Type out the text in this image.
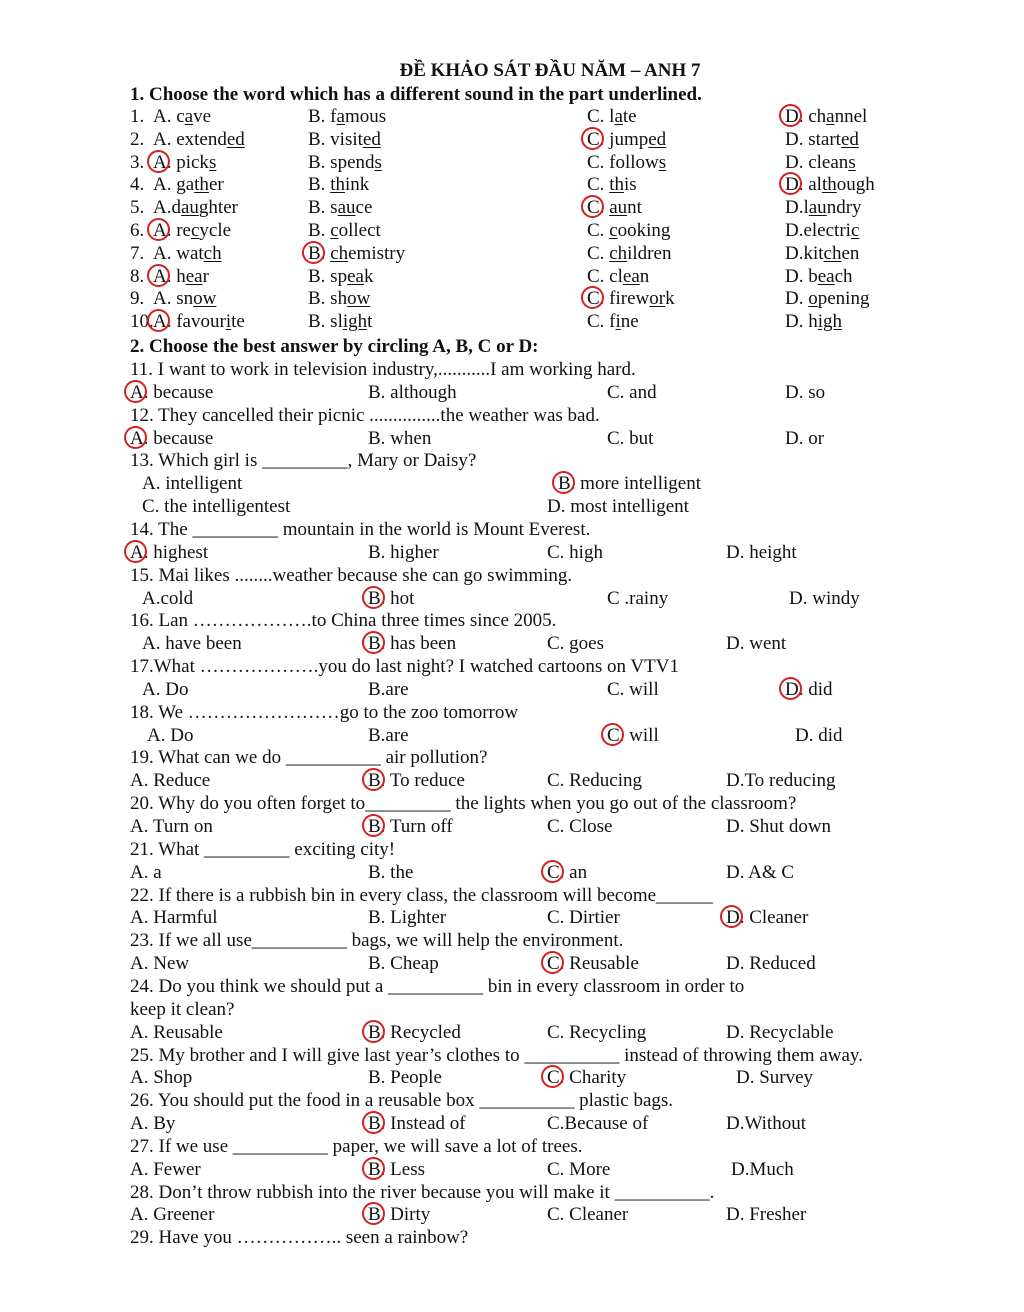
ĐỀ KHẢO SÁT ĐẦU NĂM – ANH 7
1. Choose the word which has a different sound in the part underlined.
2. Choose the best answer by circling A, B, C or D:
1. A. cave	B. famous	C. late	D. channel
2. A. extended	B. visited	C. jumped	D. started
3. A. picks	B. spends	C. follows	D. cleans
4. A. gather	B. think	C. this	D. although
5. A.daughter	B. sauce	C. aunt	D.laundry
6. A. recycle	B. collect	C. cooking	D.electric
7. A. watch	B. chemistry	C. children	D.kitchen
8. A. hear	B. speak	C. clean	D. beach
9. A. snow	B. show	C. firework	D. opening
10. A. favourite	B. slight	C. fine	D. high
11. I want to work in television industry,...........I am working hard.
A. because	B. although	C. and	D. so
12. They cancelled their picnic ...............the weather was bad.
A. because	B. when	C. but	D. or
13. Which girl is _________, Mary or Daisy?
A. intelligent	B. more intelligent
C. the intelligentest	D. most intelligent
14. The _________ mountain in the world is Mount Everest.
A. highest	B. higher	C. high	D. height
15. Mai likes ........weather because she can go swimming.
A.cold	B. hot	C .rainy	D. windy
16. Lan ……………….to China three times since 2005.
A. have been	B. has been	C. goes	D. went
17.What ……………….you do last night? I watched cartoons on VTV1
A. Do	B.are	C. will	D. did
18. We ……………………go to the zoo tomorrow
A. Do	B.are	C. will	D. did
19. What can we do __________ air pollution?
A. Reduce	B. To reduce	C. Reducing	D.To reducing
20. Why do you often forget to_________ the lights when you go out of the classroom?
A. Turn on	B. Turn off	C. Close	D. Shut down
21. What _________ exciting city!
A. a	B. the	C. an	D. A& C
22. If there is a rubbish bin in every class, the classroom will become______
A. Harmful	B. Lighter	C. Dirtier	D. Cleaner
23. If we all use__________ bags, we will help the environment.
A. New	B. Cheap	C. Reusable	D. Reduced
24. Do you think we should put a __________ bin in every classroom in order to
keep it clean?
A. Reusable	B. Recycled	C. Recycling	D. Recyclable
25. My brother and I will give last year’s clothes to __________ instead of throwing them away.
A. Shop	B. People	C. Charity	D. Survey
26. You should put the food in a reusable box __________ plastic bags.
A. By	B. Instead of	C.Because of	D.Without
27. If we use __________ paper, we will save a lot of trees.
A. Fewer	B. Less	C. More	D.Much
28. Don’t throw rubbish into the river because you will make it __________.
A. Greener	B. Dirty	C. Cleaner	D. Fresher
29. Have you …………….. seen a rainbow?
